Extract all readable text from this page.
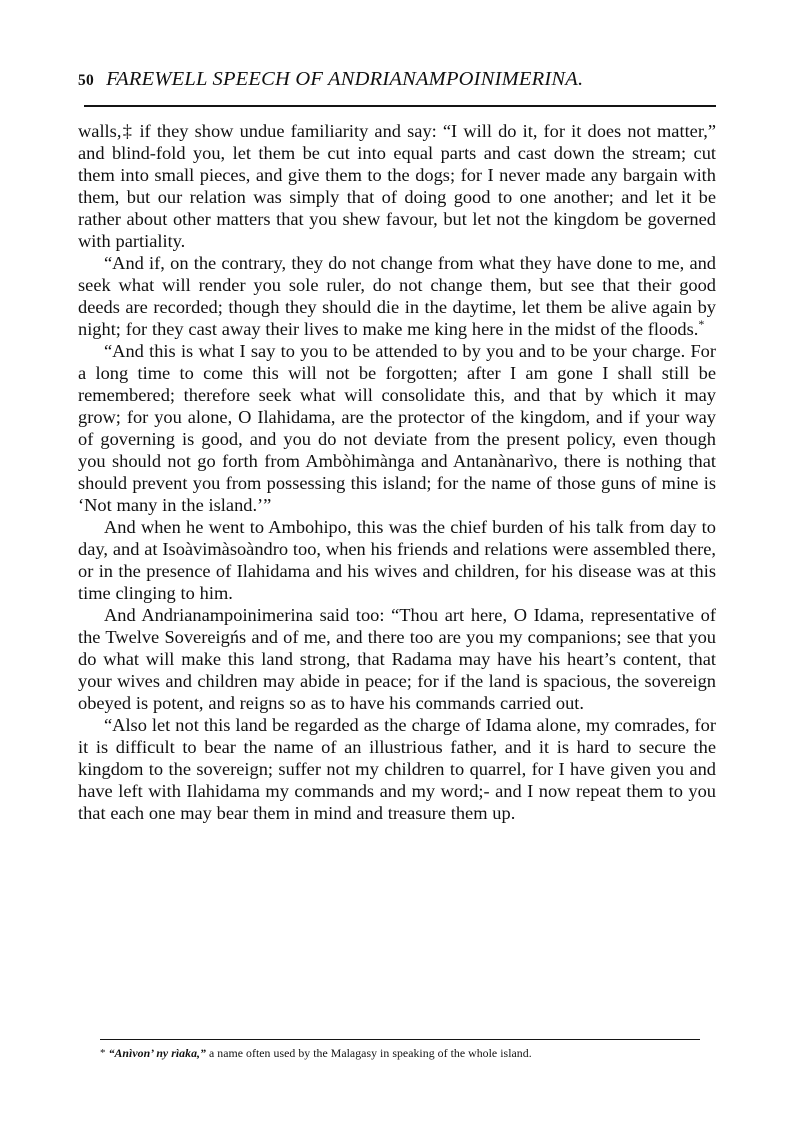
50 FAREWELL SPEECH OF ANDRIANAMPOINIMERINA.

walls,‡ if they show undue familiarity and say: “I will do it, for it does not matter,” and blind-fold you, let them be cut into equal parts and cast down the stream; cut them into small pieces, and give them to the dogs; for I never made any bargain with them, but our relation was simply that of doing good to one another; and let it be rather about other matters that you shew favour, but let not the kingdom be governed with partiality.

“And if, on the contrary, they do not change from what they have done to me, and seek what will render you sole ruler, do not change them, but see that their good deeds are recorded; though they should die in the daytime, let them be alive again by night; for they cast away their lives to make me king here in the midst of the floods.*

“And this is what I say to you to be attended to by you and to be your charge. For a long time to come this will not be forgotten; after I am gone I shall still be remembered; therefore seek what will consolidate this, and that by which it may grow; for you alone, O Ilahidama, are the protector of the kingdom, and if your way of governing is good, and you do not deviate from the present policy, even though you should not go forth from Ambòhimànga and Antanànarìvo, there is nothing that should prevent you from possessing this island; for the name of those guns of mine is ‘Not many in the island.’”

And when he went to Ambohipo, this was the chief burden of his talk from day to day, and at Isoàvimàsoàndro too, when his friends and relations were assembled there, or in the presence of Ilahidama and his wives and children, for his disease was at this time clinging to him.

And Andrianampoinimerina said too: “Thou art here, O Idama, representative of the Twelve Sovereigńs and of me, and there too are you my companions; see that you do what will make this land strong, that Radama may have his heart’s content, that your wives and children may abide in peace; for if the land is spacious, the sovereign obeyed is potent, and reigns so as to have his commands carried out.

“Also let not this land be regarded as the charge of Idama alone, my comrades, for it is difficult to bear the name of an illustrious father, and it is hard to secure the kingdom to the sovereign; suffer not my children to quarrel, for I have given you and have left with Ilahidama my commands and my word;- and I now repeat them to you that each one may bear them in mind and treasure them up.

* “Anìvon’ ny rìaka,” a name often used by the Malagasy in speaking of the whole island.
